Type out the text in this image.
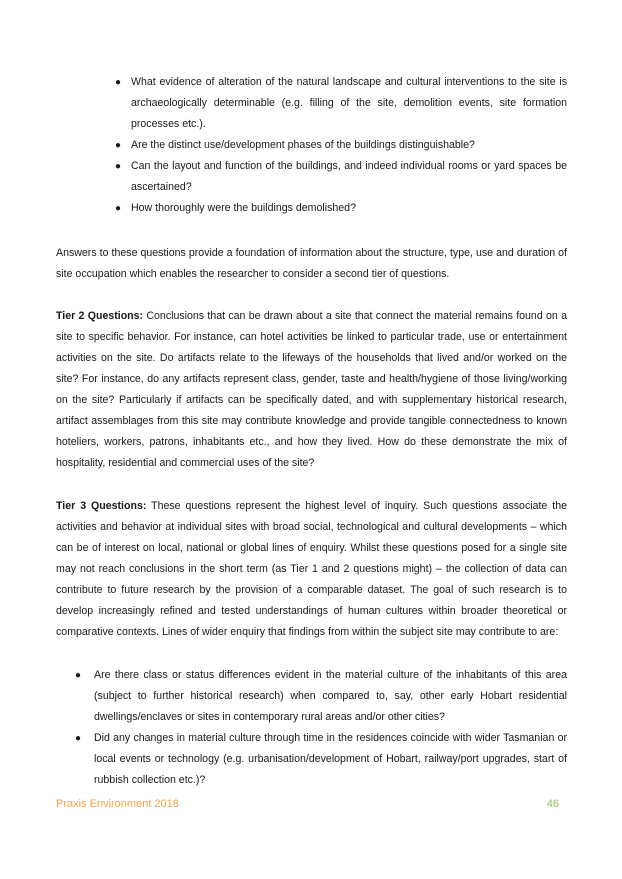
● What evidence of alteration of the natural landscape and cultural interventions to the site is archaeologically determinable (e.g. filling of the site, demolition events, site formation processes etc.).
● Are the distinct use/development phases of the buildings distinguishable?
● Can the layout and function of the buildings, and indeed individual rooms or yard spaces be ascertained?
● How thoroughly were the buildings demolished?

Answers to these questions provide a foundation of information about the structure, type, use and duration of site occupation which enables the researcher to consider a second tier of questions.

Tier 2 Questions: Conclusions that can be drawn about a site that connect the material remains found on a site to specific behavior. For instance, can hotel activities be linked to particular trade, use or entertainment activities on the site. Do artifacts relate to the lifeways of the households that lived and/or worked on the site? For instance, do any artifacts represent class, gender, taste and health/hygiene of those living/working on the site? Particularly if artifacts can be specifically dated, and with supplementary historical research, artifact assemblages from this site may contribute knowledge and provide tangible connectedness to known hoteliers, workers, patrons, inhabitants etc., and how they lived. How do these demonstrate the mix of hospitality, residential and commercial uses of the site?

Tier 3 Questions: These questions represent the highest level of inquiry. Such questions associate the activities and behavior at individual sites with broad social, technological and cultural developments – which can be of interest on local, national or global lines of enquiry. Whilst these questions posed for a single site may not reach conclusions in the short term (as Tier 1 and 2 questions might) – the collection of data can contribute to future research by the provision of a comparable dataset. The goal of such research is to develop increasingly refined and tested understandings of human cultures within broader theoretical or comparative contexts. Lines of wider enquiry that findings from within the subject site may contribute to are:

● Are there class or status differences evident in the material culture of the inhabitants of this area (subject to further historical research) when compared to, say, other early Hobart residential dwellings/enclaves or sites in contemporary rural areas and/or other cities?
● Did any changes in material culture through time in the residences coincide with wider Tasmanian or local events or technology (e.g. urbanisation/development of Hobart, railway/port upgrades, start of rubbish collection etc.)?
Praxis Environment 2018	46
